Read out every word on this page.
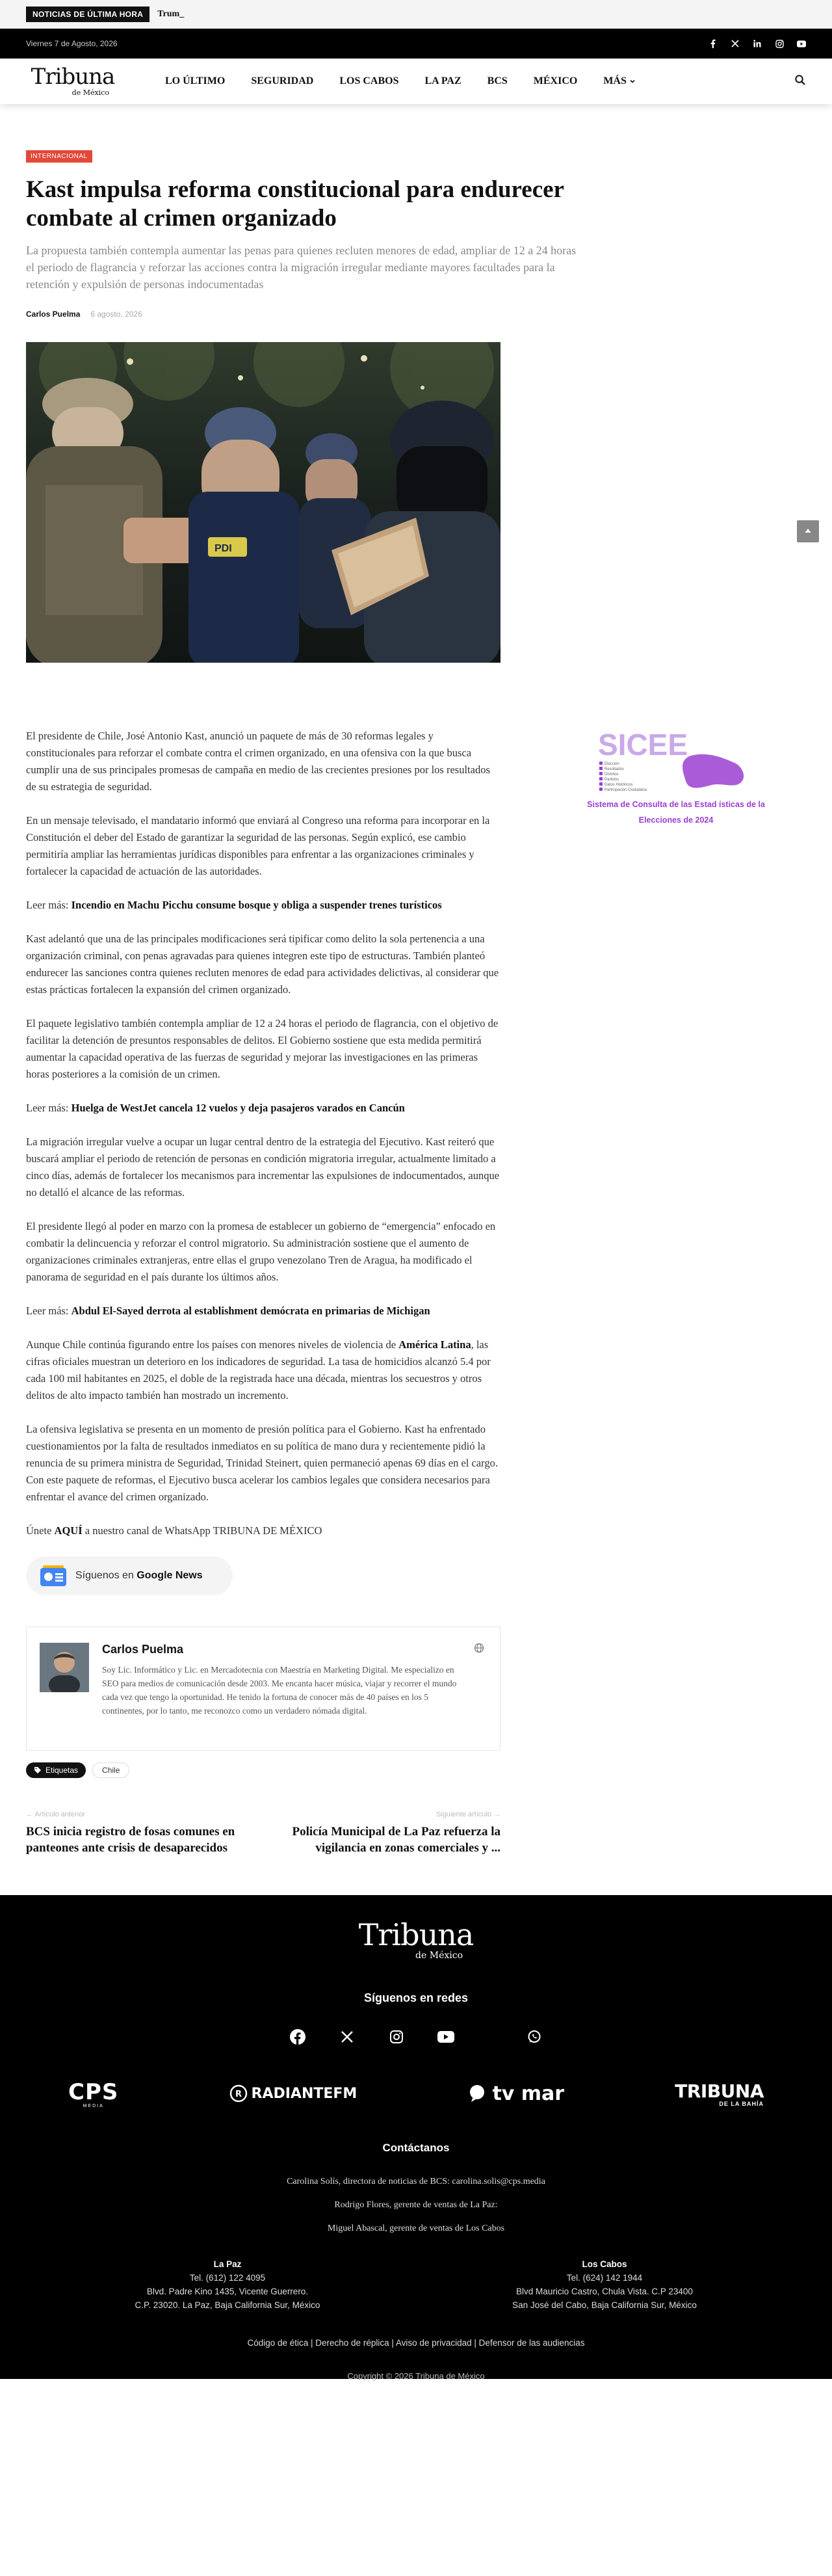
NOTICIAS DE ÚLTIMA HORA	Trum_
Viernes 7 de Agosto, 2026
Tribuna
de México
LO ÚLTIMO	SEGURIDAD	LOS CABOS	LA PAZ	BCS	MÉXICO	MÁS
INTERNACIONAL
Kast impulsa reforma constitucional para endurecer combate al crimen organizado

La propuesta también contempla aumentar las penas para quienes recluten menores de edad, ampliar de 12 a 24 horas el periodo de flagrancia y reforzar las acciones contra la migración irregular mediante mayores facultades para la retención y expulsión de personas indocumentadas

Carlos Puelma 6 agosto, 2026
PDI

El presidente de Chile, José Antonio Kast, anunció un paquete de más de 30 reformas legales y constitucionales para reforzar el combate contra el crimen organizado, en una ofensiva con la que busca cumplir una de sus principales promesas de campaña en medio de las crecientes presiones por los resultados de su estrategia de seguridad.

En un mensaje televisado, el mandatario informó que enviará al Congreso una reforma para incorporar en la Constitución el deber del Estado de garantizar la seguridad de las personas. Según explicó, ese cambio permitiría ampliar las herramientas jurídicas disponibles para enfrentar a las organizaciones criminales y fortalecer la capacidad de actuación de las autoridades.

Leer más: Incendio en Machu Picchu consume bosque y obliga a suspender trenes turísticos

Kast adelantó que una de las principales modificaciones será tipificar como delito la sola pertenencia a una organización criminal, con penas agravadas para quienes integren este tipo de estructuras. También planteó endurecer las sanciones contra quienes recluten menores de edad para actividades delictivas, al considerar que estas prácticas fortalecen la expansión del crimen organizado.

El paquete legislativo también contempla ampliar de 12 a 24 horas el periodo de flagrancia, con el objetivo de facilitar la detención de presuntos responsables de delitos. El Gobierno sostiene que esta medida permitirá aumentar la capacidad operativa de las fuerzas de seguridad y mejorar las investigaciones en las primeras horas posteriores a la comisión de un crimen.

Leer más: Huelga de WestJet cancela 12 vuelos y deja pasajeros varados en Cancún

La migración irregular vuelve a ocupar un lugar central dentro de la estrategia del Ejecutivo. Kast reiteró que buscará ampliar el periodo de retención de personas en condición migratoria irregular, actualmente limitado a cinco días, además de fortalecer los mecanismos para incrementar las expulsiones de indocumentados, aunque no detalló el alcance de las reformas.

El presidente llegó al poder en marzo con la promesa de establecer un gobierno de “emergencia” enfocado en combatir la delincuencia y reforzar el control migratorio. Su administración sostiene que el aumento de organizaciones criminales extranjeras, entre ellas el grupo venezolano Tren de Aragua, ha modificado el panorama de seguridad en el país durante los últimos años.

Leer más: Abdul El-Sayed derrota al establishment demócrata en primarias de Michigan

Aunque Chile continúa figurando entre los países con menores niveles de violencia de América Latina, las cifras oficiales muestran un deterioro en los indicadores de seguridad. La tasa de homicidios alcanzó 5.4 por cada 100 mil habitantes en 2025, el doble de la registrada hace una década, mientras los secuestros y otros delitos de alto impacto también han mostrado un incremento.

La ofensiva legislativa se presenta en un momento de presión política para el Gobierno. Kast ha enfrentado cuestionamientos por la falta de resultados inmediatos en su política de mano dura y recientemente pidió la renuncia de su primera ministra de Seguridad, Trinidad Steinert, quien permaneció apenas 69 días en el cargo. Con este paquete de reformas, el Ejecutivo busca acelerar los cambios legales que considera necesarios para enfrentar el avance del crimen organizado.

Únete AQUÍ a nuestro canal de WhatsApp TRIBUNA DE MÉXICO

Síguenos en Google News
Carlos Puelma

Soy Lic. Informático y Lic. en Mercadotecnia con Maestría en Marketing Digital. Me especializo en SEO para medios de comunicación desde 2003. Me encanta hacer música, viajar y recorrer el mundo cada vez que tengo la oportunidad. He tenido la fortuna de conocer más de 40 países en los 5 continentes, por lo tanto, me reconozco como un verdadero nómada digital.

Etiquetas	Chile
← Artículo anterior
BCS inicia registro de fosas comunes en panteones ante crisis de desaparecidos
Siguiente artículo →
Policía Municipal de La Paz refuerza la vigilancia en zonas comerciales y ...
SICEE
Elección
Resultados
Distritos
Partidos
Datos Históricos
Participación Ciudadana
Sistema de Consulta de las Estad ísticas de la
Elecciones de 2024
Tribuna
de México
Síguenos en redes
CPS
MEDIA
R RADIANTEFM	tv mar	TRIBUNA
DE LA BAHÍA
Contáctanos
Carolina Solís, directora de noticias de BCS: carolina.solis@cps.media
Rodrigo Flores, gerente de ventas de La Paz:
Miguel Abascal, gerente de ventas de Los Cabos
La Paz
Tel. (612) 122 4095
Blvd. Padre Kino 1435, Vicente Guerrero.
C.P. 23020. La Paz, Baja California Sur, México
Los Cabos
Tel. (624) 142 1944
Blvd Mauricio Castro, Chula Vista. C.P 23400
San José del Cabo, Baja California Sur, México
Código de ética | Derecho de réplica | Aviso de privacidad | Defensor de las audiencias
Copyright © 2026 Tribuna de México
